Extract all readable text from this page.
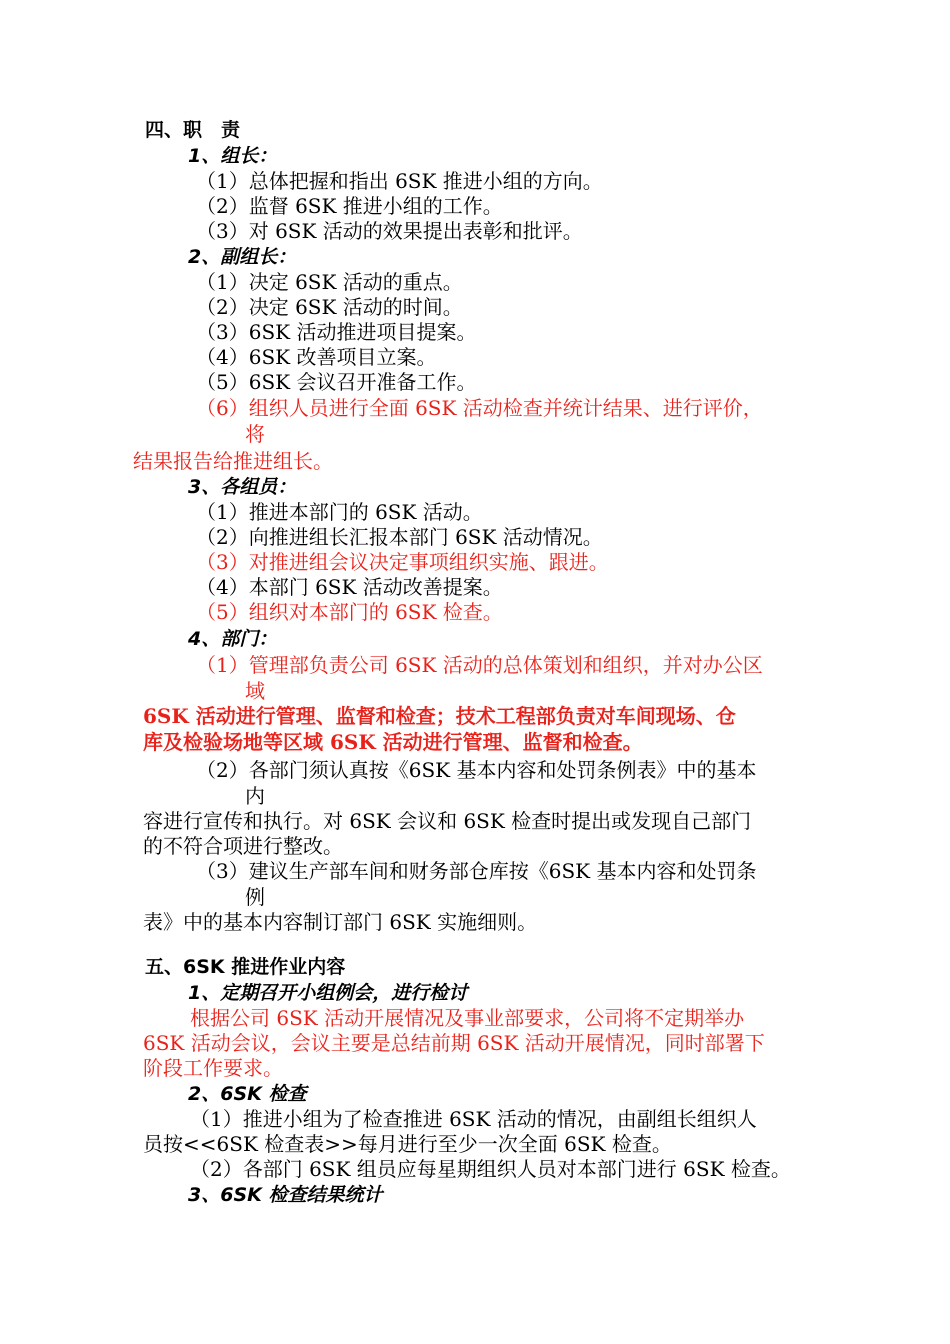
四、职　责
1、组长：
（1）总体把握和指出 6SK 推进小组的方向。
（2）监督 6SK 推进小组的工作。
（3）对 6SK 活动的效果提出表彰和批评。
2、副组长：
（1）决定 6SK 活动的重点。
（2）决定 6SK 活动的时间。
（3）6SK 活动推进项目提案。
（4）6SK 改善项目立案。
（5）6SK 会议召开准备工作。
（6）组织人员进行全面 6SK 活动检查并统计结果、进行评价，
将
结果报告给推进组长。
3、各组员：
（1）推进本部门的 6SK 活动。
（2）向推进组长汇报本部门 6SK 活动情况。
（3）对推进组会议决定事项组织实施、跟进。
（4）本部门 6SK 活动改善提案。
（5）组织对本部门的 6SK 检查。
4、部门：
（1）管理部负责公司 6SK 活动的总体策划和组织，并对办公区
域
6SK 活动进行管理、监督和检查；技术工程部负责对车间现场、仓
库及检验场地等区域 6SK 活动进行管理、监督和检查。
（2）各部门须认真按《6SK 基本内容和处罚条例表》中的基本
内
容进行宣传和执行。对 6SK 会议和 6SK 检查时提出或发现自己部门
的不符合项进行整改。
（3）建议生产部车间和财务部仓库按《6SK 基本内容和处罚条
例
表》中的基本内容制订部门 6SK 实施细则。
五、6SK 推进作业内容
1、定期召开小组例会，进行检讨
根据公司 6SK 活动开展情况及事业部要求，公司将不定期举办
6SK 活动会议，会议主要是总结前期 6SK 活动开展情况，同时部署下
阶段工作要求。
2、6SK 检查
（1）推进小组为了检查推进 6SK 活动的情况，由副组长组织人
员按<<6SK 检查表>>每月进行至少一次全面 6SK 检查。
（2）各部门 6SK 组员应每星期组织人员对本部门进行 6SK 检查。
3、6SK 检查结果统计
